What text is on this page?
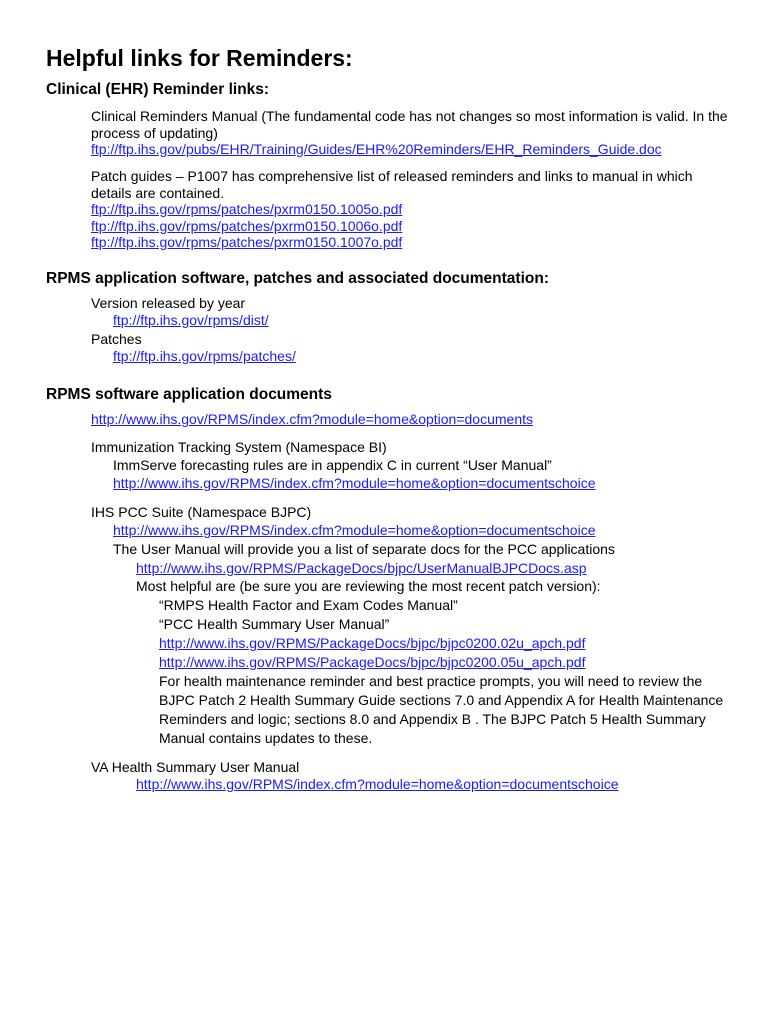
Helpful links for Reminders:
Clinical (EHR) Reminder links:
Clinical Reminders Manual (The fundamental code has not changes so most information is valid. In the
process of updating)
ftp://ftp.ihs.gov/pubs/EHR/Training/Guides/EHR%20Reminders/EHR_Reminders_Guide.doc
Patch guides – P1007 has comprehensive list of released reminders and links to manual in which
details are contained.
ftp://ftp.ihs.gov/rpms/patches/pxrm0150.1005o.pdf
ftp://ftp.ihs.gov/rpms/patches/pxrm0150.1006o.pdf
ftp://ftp.ihs.gov/rpms/patches/pxrm0150.1007o.pdf
RPMS application software, patches and associated documentation:
Version released by year
ftp://ftp.ihs.gov/rpms/dist/
Patches
ftp://ftp.ihs.gov/rpms/patches/
RPMS software application documents
http://www.ihs.gov/RPMS/index.cfm?module=home&option=documents
Immunization Tracking System (Namespace BI)
ImmServe forecasting rules are in appendix C in current “User Manual”
http://www.ihs.gov/RPMS/index.cfm?module=home&option=documentschoice
IHS PCC Suite (Namespace BJPC)
http://www.ihs.gov/RPMS/index.cfm?module=home&option=documentschoice
The User Manual will provide you a list of separate docs for the PCC applications
http://www.ihs.gov/RPMS/PackageDocs/bjpc/UserManualBJPCDocs.asp
Most helpful are (be sure you are reviewing the most recent patch version):
“RMPS Health Factor and Exam Codes Manual”
“PCC Health Summary User Manual”
http://www.ihs.gov/RPMS/PackageDocs/bjpc/bjpc0200.02u_apch.pdf
http://www.ihs.gov/RPMS/PackageDocs/bjpc/bjpc0200.05u_apch.pdf
For health maintenance reminder and best practice prompts, you will need to review the
BJPC Patch 2 Health Summary Guide sections 7.0 and Appendix A for Health Maintenance
Reminders and logic; sections 8.0 and Appendix B . The BJPC Patch 5 Health Summary
Manual contains updates to these.
VA Health Summary User Manual
http://www.ihs.gov/RPMS/index.cfm?module=home&option=documentschoice
